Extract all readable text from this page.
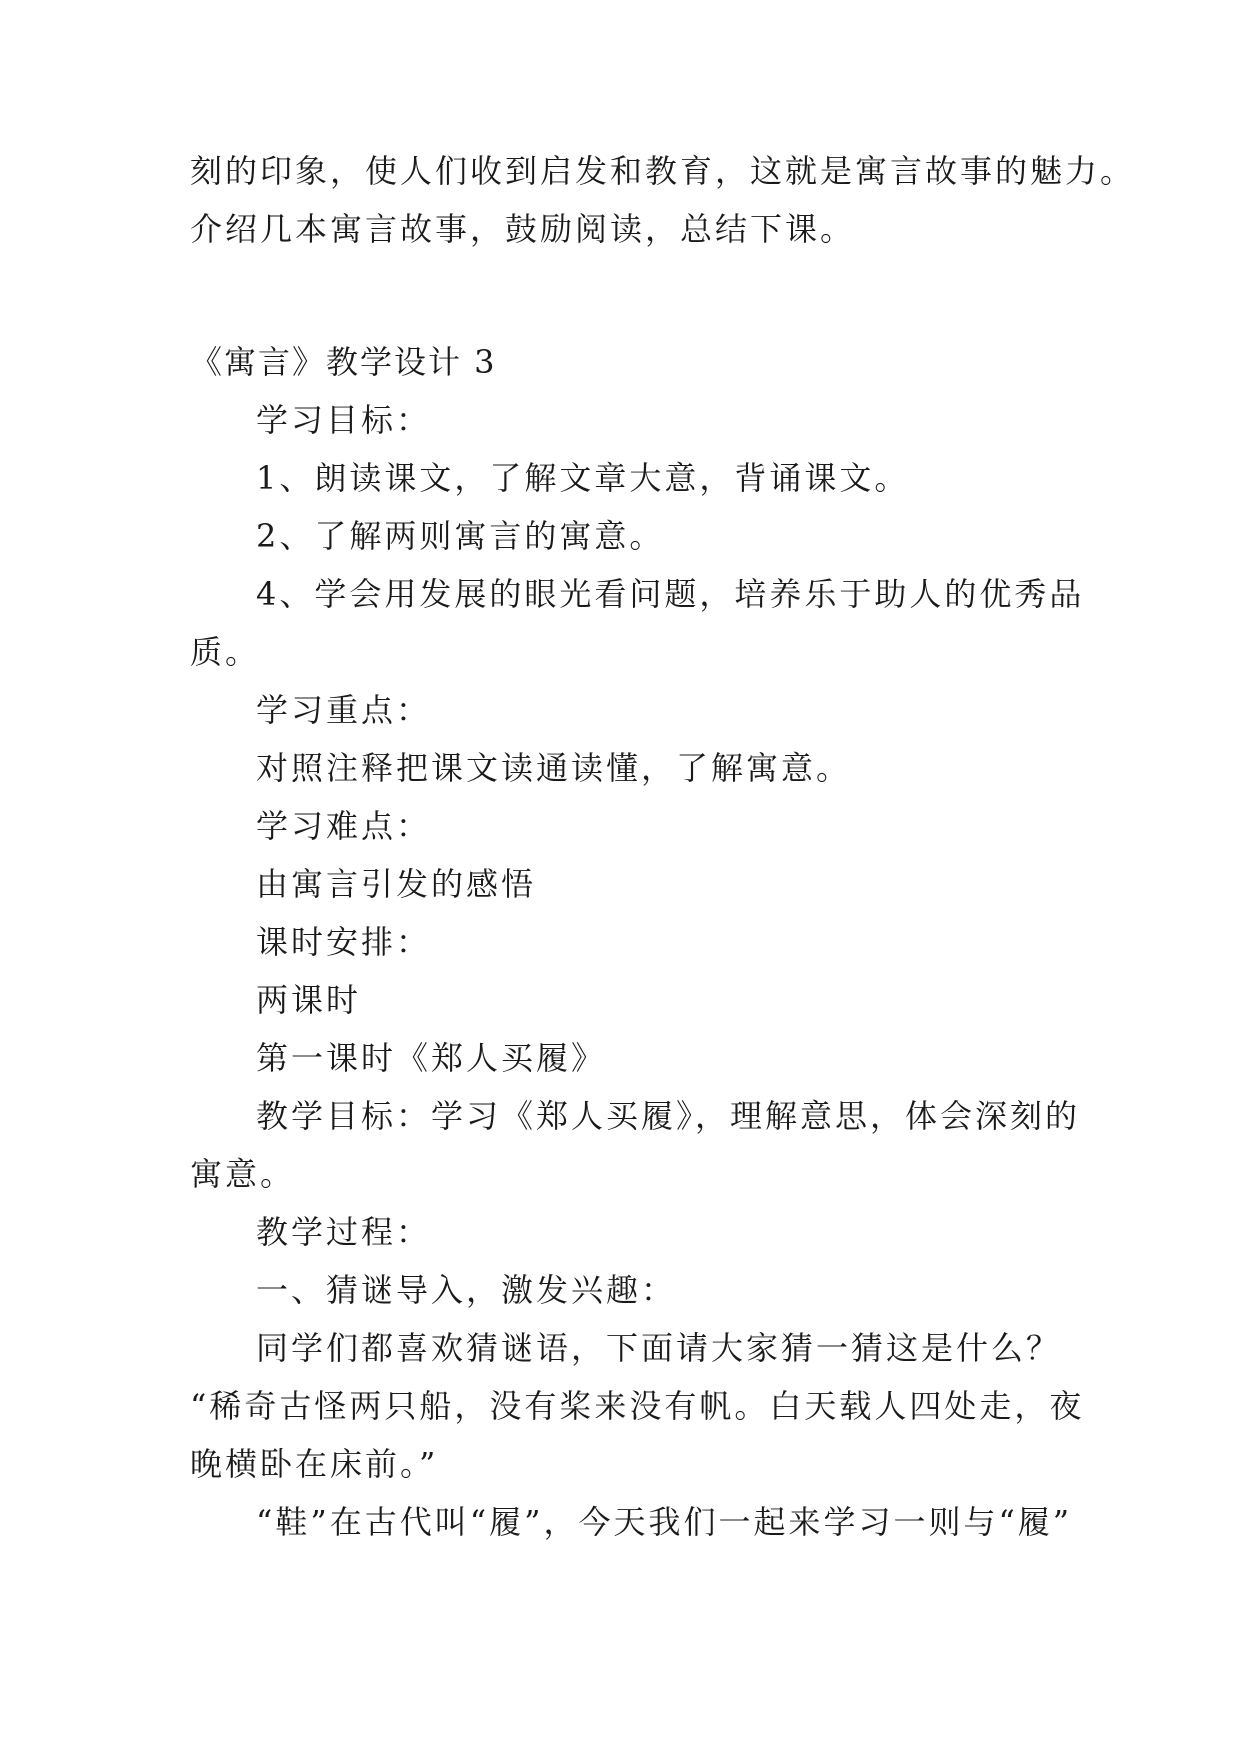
刻的印象，使人们收到启发和教育，这就是寓言故事的魅力。
介绍几本寓言故事，鼓励阅读，总结下课。
《寓言》教学设计 3
学习目标：
1、朗读课文，了解文章大意，背诵课文。
2、了解两则寓言的寓意。
4、学会用发展的眼光看问题，培养乐于助人的优秀品
质。
学习重点：
对照注释把课文读通读懂，了解寓意。
学习难点：
由寓言引发的感悟
课时安排：
两课时
第一课时《郑人买履》
教学目标：学习《郑人买履》，理解意思，体会深刻的
寓意。
教学过程：
一、猜谜导入，激发兴趣：
同学们都喜欢猜谜语，下面请大家猜一猜这是什么？
“稀奇古怪两只船，没有桨来没有帆。白天载人四处走，夜
晚横卧在床前。”
“鞋”在古代叫“履”，今天我们一起来学习一则与“履”
